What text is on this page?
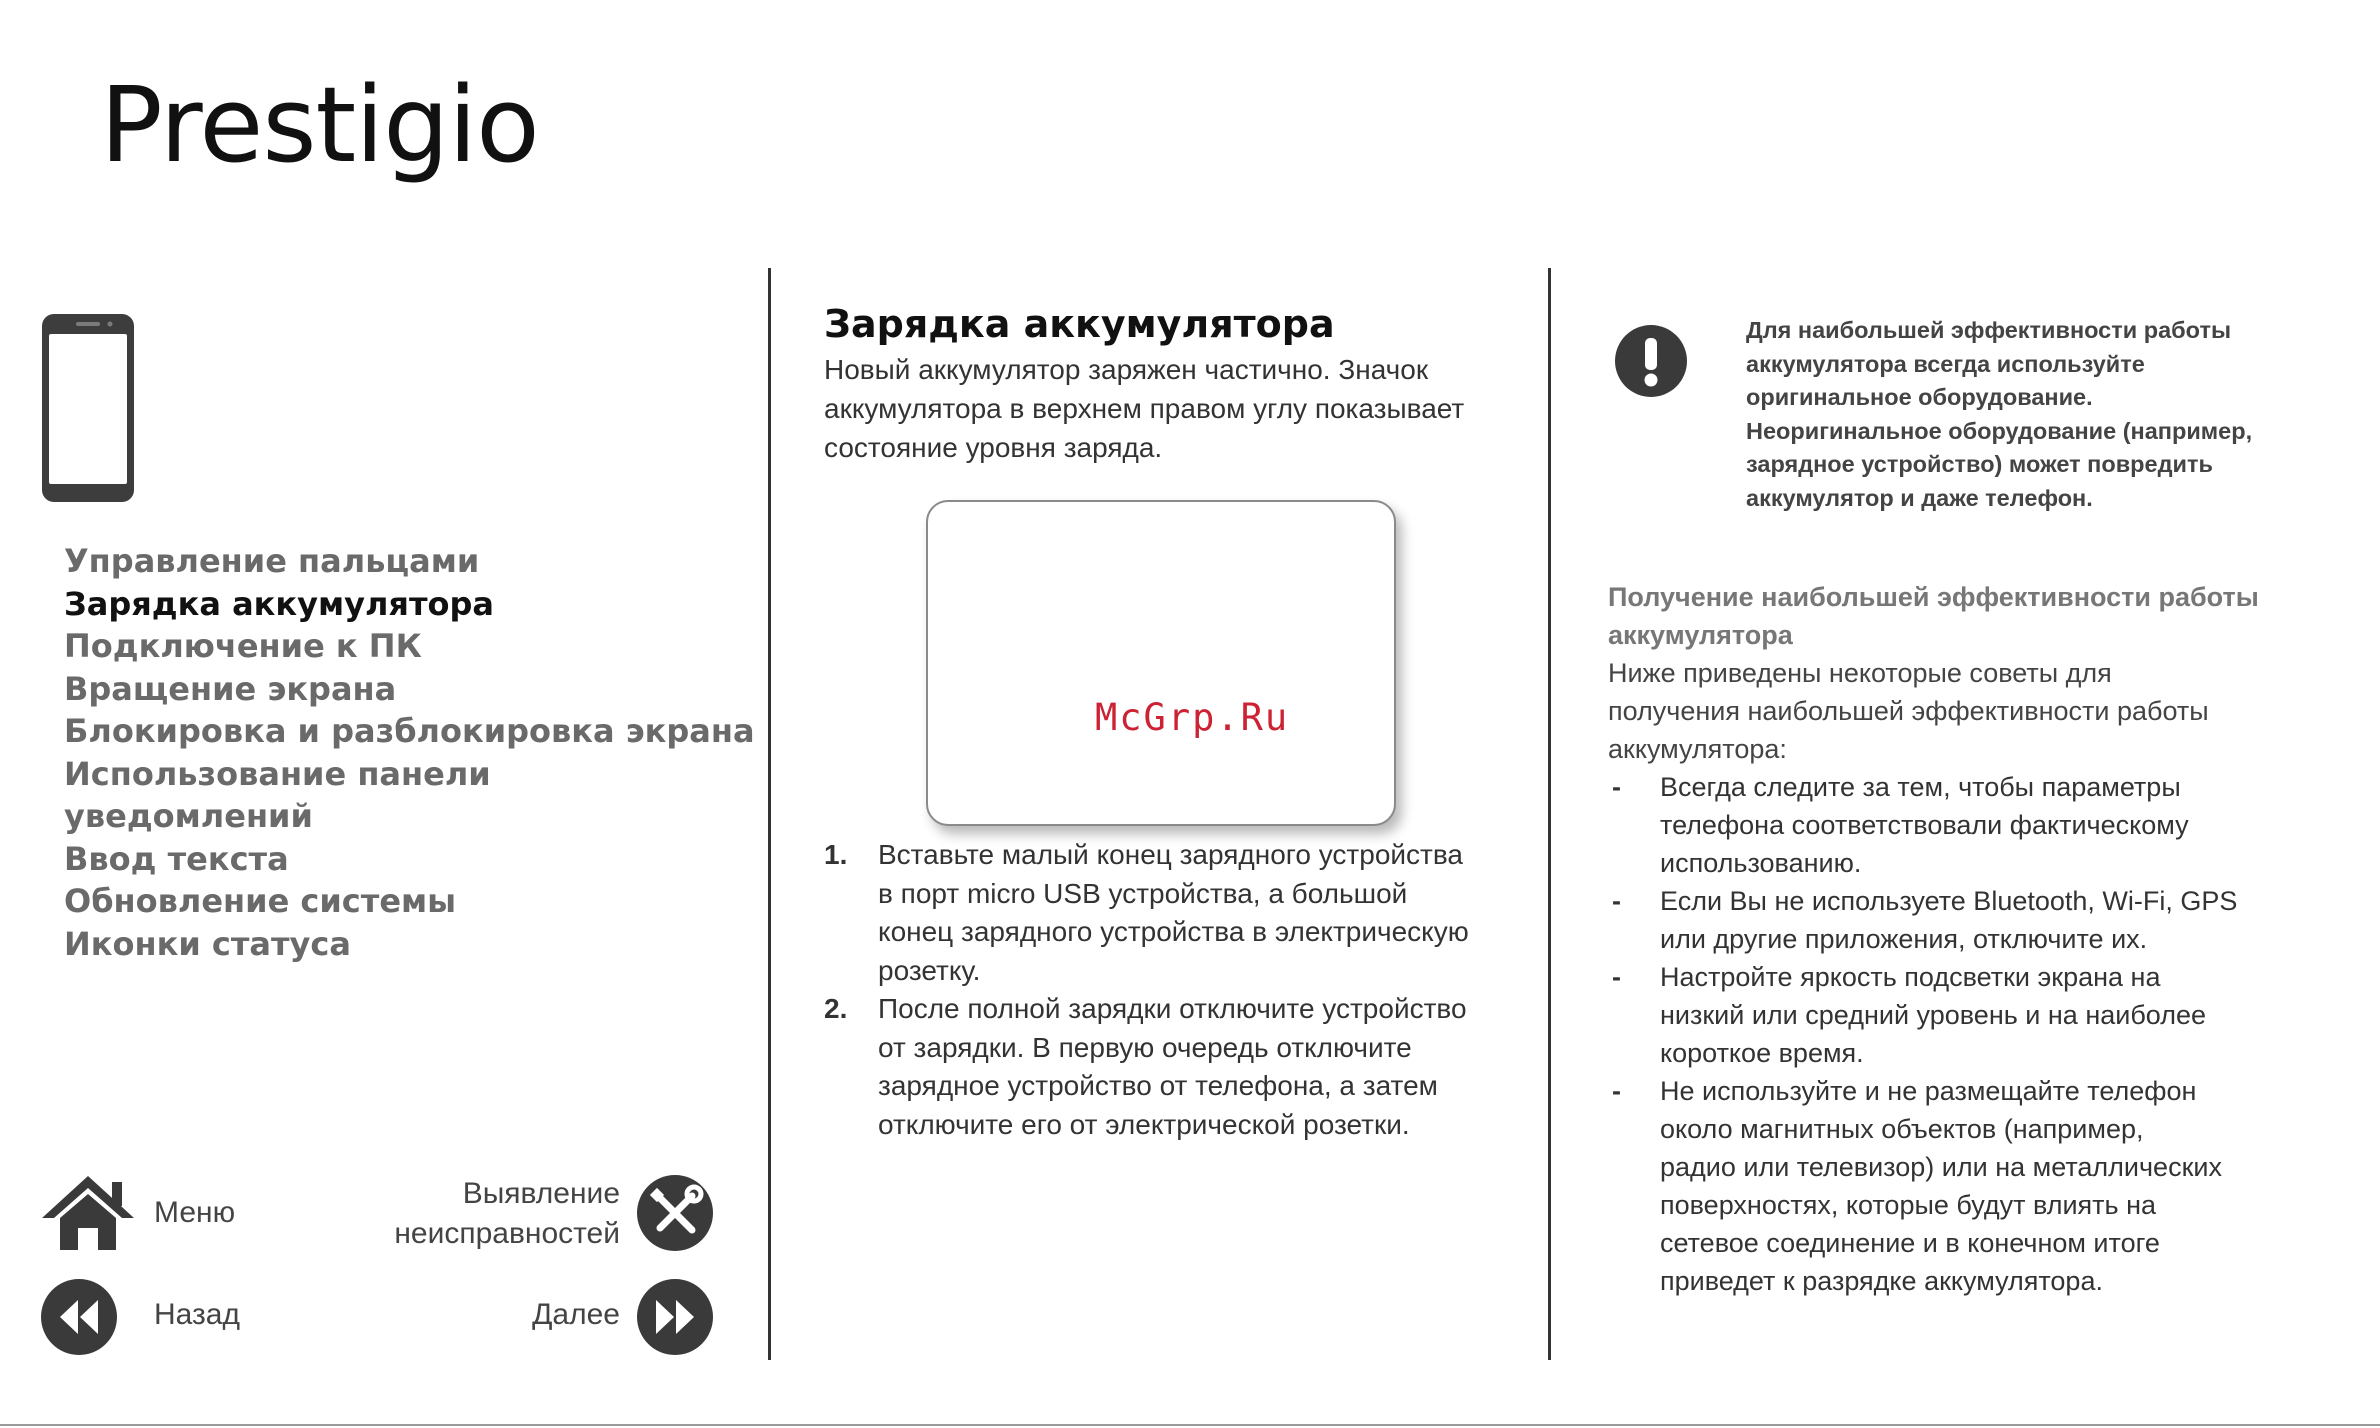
Prestigio
Управление пальцами
Зарядка аккумулятора
Подключение к ПК
Вращение экрана
Блокировка и разблокировка экрана
Использование панели
уведомлений
Ввод текста
Обновление системы
Иконки статуса
Меню
Выявление
неисправностей
Назад	Далее
Зарядка аккумулятора
Новый аккумулятор заряжен частично. Значок
аккумулятора в верхнем правом углу показывает
состояние уровня заряда.
McGrp.Ru
1. Вставьте малый конец зарядного устройства
в порт micro USB устройства, а большой
конец зарядного устройства в электрическую
розетку.
2. После полной зарядки отключите устройство
от зарядки. В первую очередь отключите
зарядное устройство от телефона, а затем
отключите его от электрической розетки.
Для наибольшей эффективности работы
аккумулятора всегда используйте
оригинальное оборудование.
Неоригинальное оборудование (например,
зарядное устройство) может повредить
аккумулятор и даже телефон.
Получение наибольшей эффективности работы
аккумулятора
Ниже приведены некоторые советы для
получения наибольшей эффективности работы
аккумулятора:
- Всегда следите за тем, чтобы параметры
телефона соответствовали фактическому
использованию.
- Если Вы не используете Bluetooth, Wi-Fi, GPS
или другие приложения, отключите их.
- Настройте яркость подсветки экрана на
низкий или средний уровень и на наиболее
короткое время.
- Не используйте и не размещайте телефон
около магнитных объектов (например,
радио или телевизор) или на металлических
поверхностях, которые будут влиять на
сетевое соединение и в конечном итоге
приведет к разрядке аккумулятора.
